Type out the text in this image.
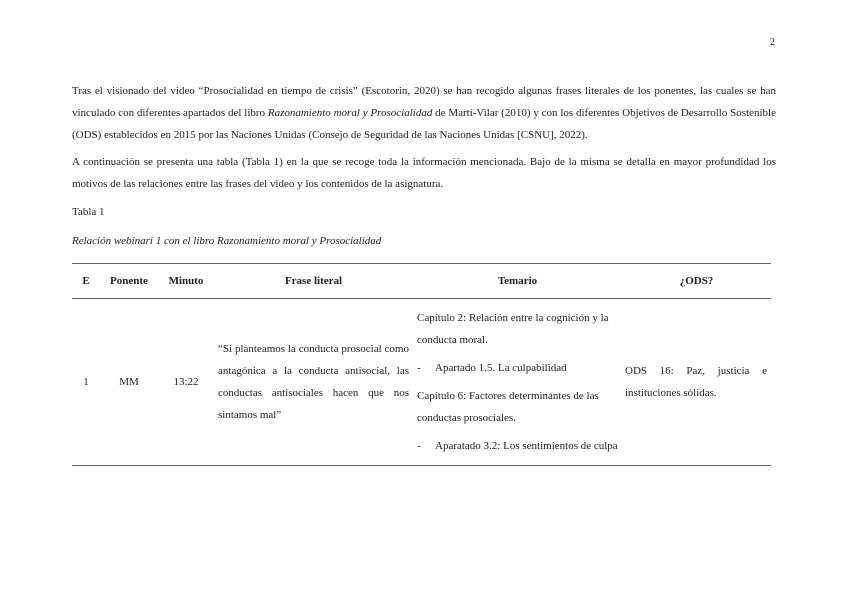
2

Tras el visionado del video “Prosocialidad en tiempo de crisis” (Escotorin, 2020) se han recogido algunas frases literales de los ponentes, las cuales se han vinculado con diferentes apartados del libro Razonamiento moral y Prosocialidad de Martí-Vilar (2010) y con los diferentes Objetivos de Desarrollo Sostenible (ODS) establecidos en 2015 por las Naciones Unidas (Consejo de Seguridad de las Naciones Unidas [CSNU], 2022).

A continuación se presenta una tabla (Tabla 1) en la que se recoge toda la información mencionada. Bajo de la misma se detalla en mayor profundidad los motivos de las relaciones entre las frases del video y los contenidos de la asignatura.

Tabla 1
Relación webinari 1 con el libro Razonamiento moral y Prosocialidad
E	Ponente	Minuto	Frase literal	Temario	¿ODS?
1	MM	13:22	“Si planteamos la conducta prosocial como antagónica a la conducta antisocial, las conductas antisociales hacen que nos sintamos mal”	Capítulo 2: Relación entre la cognición y la conducta moral.

- Apartado 1.5. La culpabilidad

Capítulo 6: Factores determinantes de las conductas prosociales.

- Aparatado 3.2: Los sentimientos de culpa	ODS 16: Paz, justicia e instituciones sólidas.
